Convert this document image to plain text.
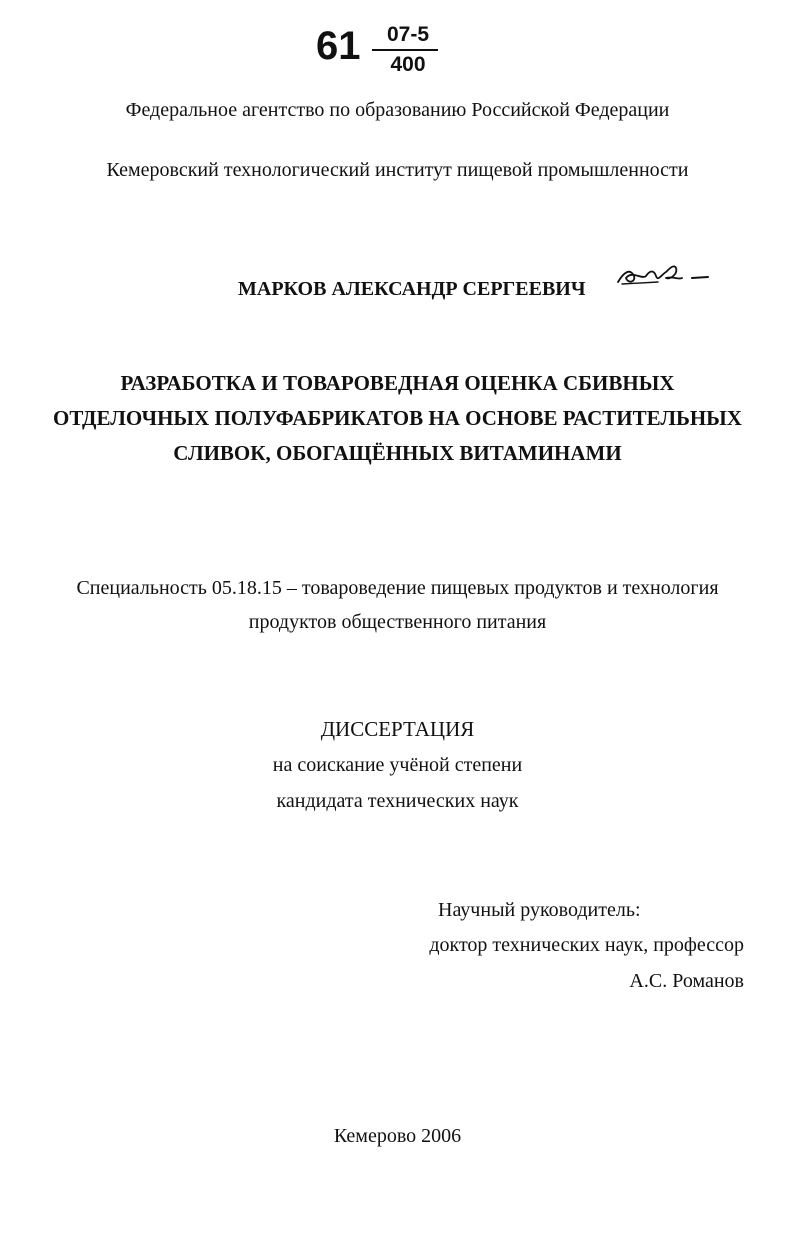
61	07-5
400
Федеральное агентство по образованию Российской Федерации
Кемеровский технологический институт пищевой промышленности
МАРКОВ АЛЕКСАНДР СЕРГЕЕВИЧ
РАЗРАБОТКА И ТОВАРОВЕДНАЯ ОЦЕНКА СБИВНЫХ
ОТДЕЛОЧНЫХ ПОЛУФАБРИКАТОВ НА ОСНОВЕ РАСТИТЕЛЬНЫХ
СЛИВОК, ОБОГАЩЁННЫХ ВИТАМИНАМИ
Специальность 05.18.15 – товароведение пищевых продуктов и технология
продуктов общественного питания
ДИССЕРТАЦИЯ
на соискание учёной степени
кандидата технических наук
Научный руководитель:
доктор технических наук, профессор
А.С. Романов
Кемерово 2006
